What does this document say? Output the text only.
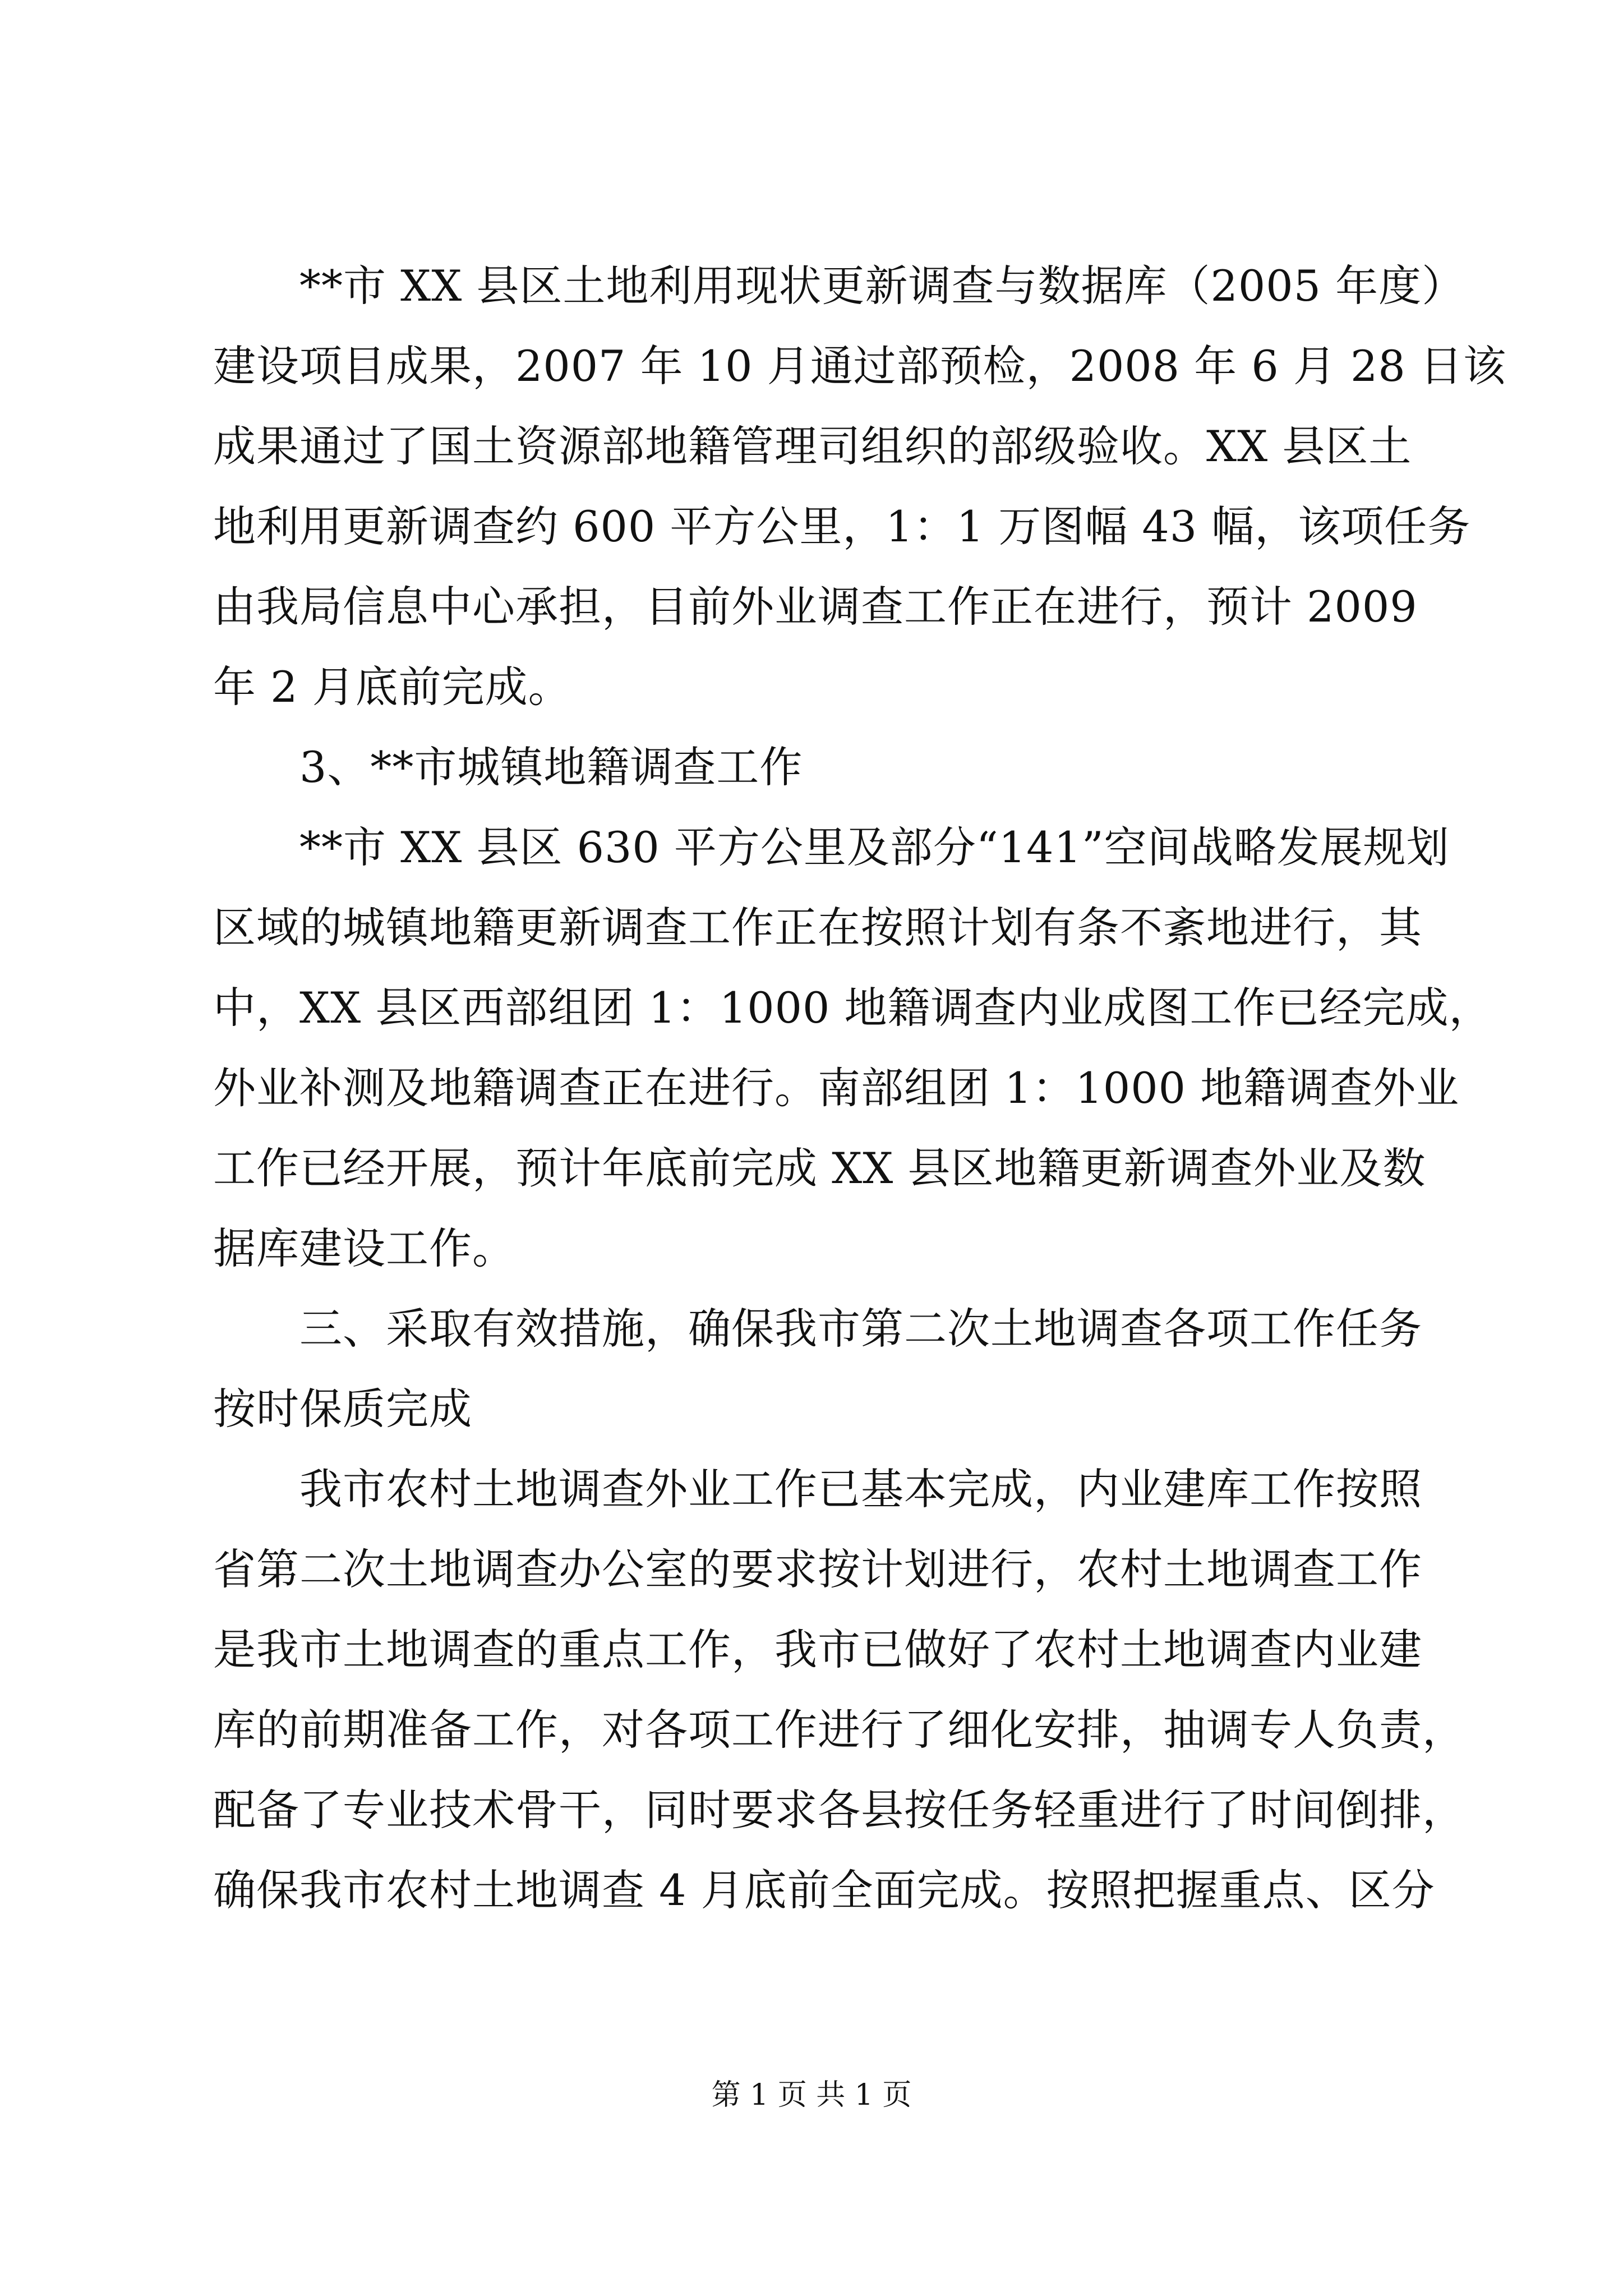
**市 XX 县区土地利用现状更新调查与数据库（2005 年度）
建设项目成果，2007 年 10 月通过部预检，2008 年 6 月 28 日该
成果通过了国土资源部地籍管理司组织的部级验收。XX 县区土
地利用更新调查约 600 平方公里，1：1 万图幅 43 幅，该项任务
由我局信息中心承担，目前外业调查工作正在进行，预计 2009
年 2 月底前完成。
3、**市城镇地籍调查工作
**市 XX 县区 630 平方公里及部分“141”空间战略发展规划
区域的城镇地籍更新调查工作正在按照计划有条不紊地进行，其
中，XX 县区西部组团 1：1000 地籍调查内业成图工作已经完成，
外业补测及地籍调查正在进行。南部组团 1：1000 地籍调查外业
工作已经开展，预计年底前完成 XX 县区地籍更新调查外业及数
据库建设工作。
三、采取有效措施，确保我市第二次土地调查各项工作任务
按时保质完成
我市农村土地调查外业工作已基本完成，内业建库工作按照
省第二次土地调查办公室的要求按计划进行，农村土地调查工作
是我市土地调查的重点工作，我市已做好了农村土地调查内业建
库的前期准备工作，对各项工作进行了细化安排，抽调专人负责，
配备了专业技术骨干，同时要求各县按任务轻重进行了时间倒排，
确保我市农村土地调查 4 月底前全面完成。按照把握重点、区分
第 1 页 共 1 页
